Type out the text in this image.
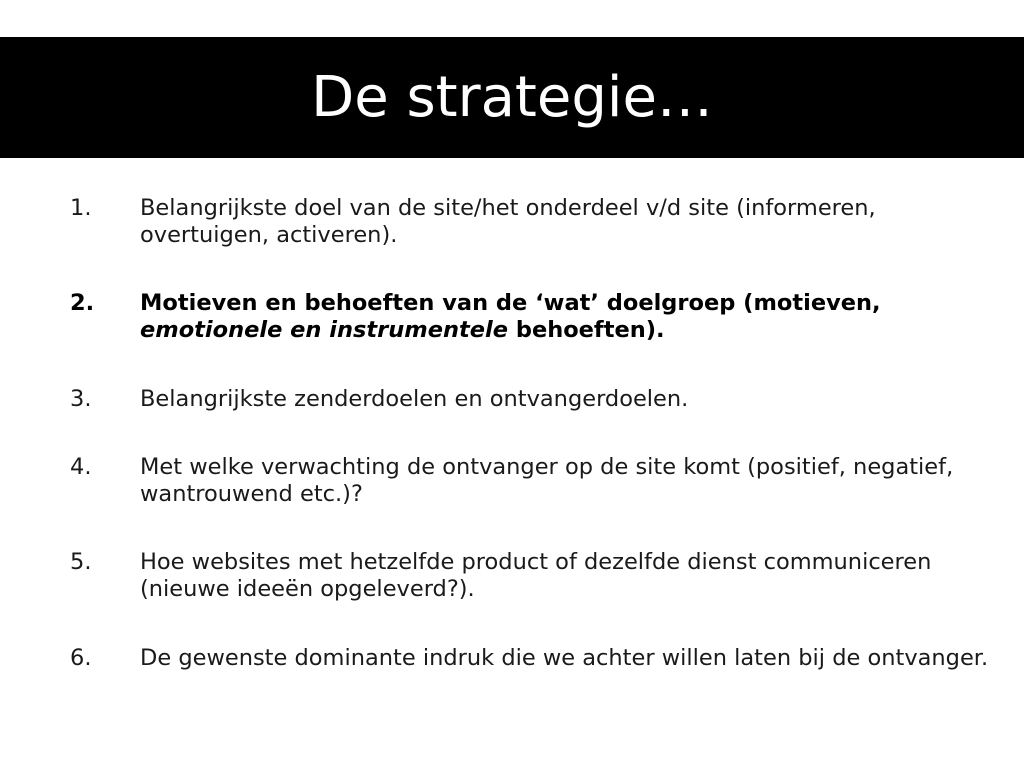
De strategie…
1. Belangrijkste doel van de site/het onderdeel v/d site (informeren, overtuigen, activeren).
2. Motieven en behoeften van de ‘wat’ doelgroep (motieven, emotionele en instrumentele behoeften).
3. Belangrijkste zenderdoelen en ontvangerdoelen.
4. Met welke verwachting de ontvanger op de site komt (positief, negatief, wantrouwend etc.)?
5. Hoe websites met hetzelfde product of dezelfde dienst communiceren (nieuwe ideeën opgeleverd?).
6. De gewenste dominante indruk die we achter willen laten bij de ontvanger.
